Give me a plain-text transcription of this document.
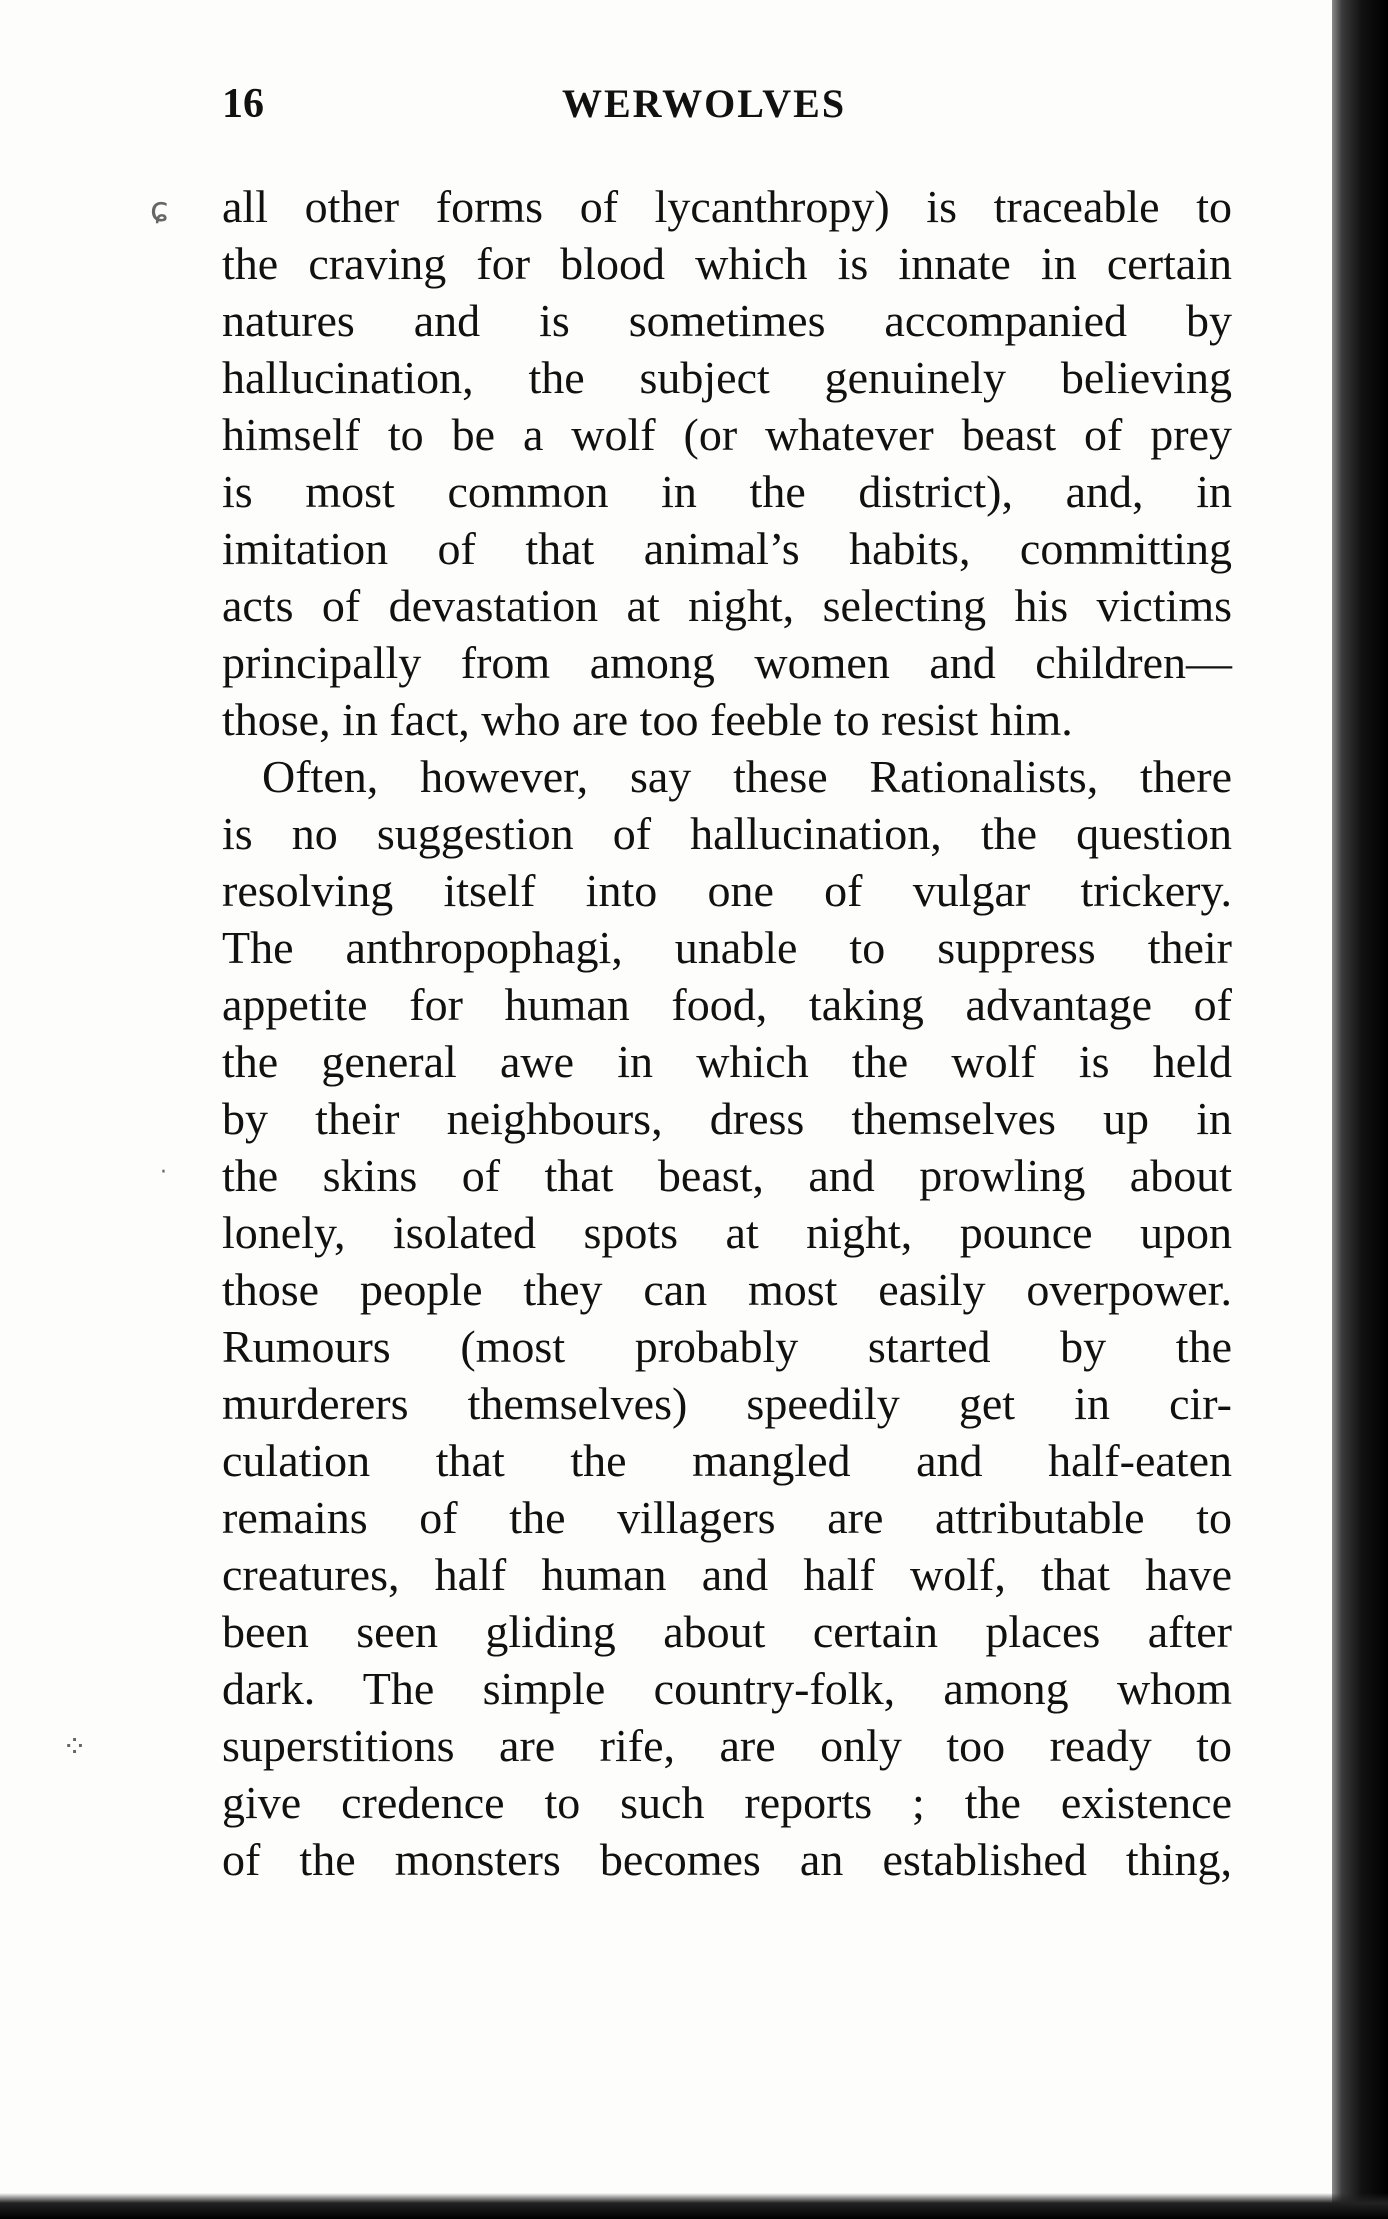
ɕ
·
⁘
16	WERWOLVES
all other forms of lycanthropy) is traceable to
the craving for blood which is innate in certain
natures and is sometimes accompanied by
hallucination, the subject genuinely believing
himself to be a wolf (or whatever beast of prey
is most common in the district), and, in
imitation of that animal’s habits, committing
acts of devastation at night, selecting his victims
principally from among women and children—
those, in fact, who are too feeble to resist him.
Often, however, say these Rationalists, there
is no suggestion of hallucination, the question
resolving itself into one of vulgar trickery.
The anthropophagi, unable to suppress their
appetite for human food, taking advantage of
the general awe in which the wolf is held
by their neighbours, dress themselves up in
the skins of that beast, and prowling about
lonely, isolated spots at night, pounce upon
those people they can most easily overpower.
Rumours (most probably started by the
murderers themselves) speedily get in cir-
culation that the mangled and half-eaten
remains of the villagers are attributable to
creatures, half human and half wolf, that have
been seen gliding about certain places after
dark. The simple country-folk, among whom
superstitions are rife, are only too ready to
give credence to such reports ; the existence
of the monsters becomes an established thing,
